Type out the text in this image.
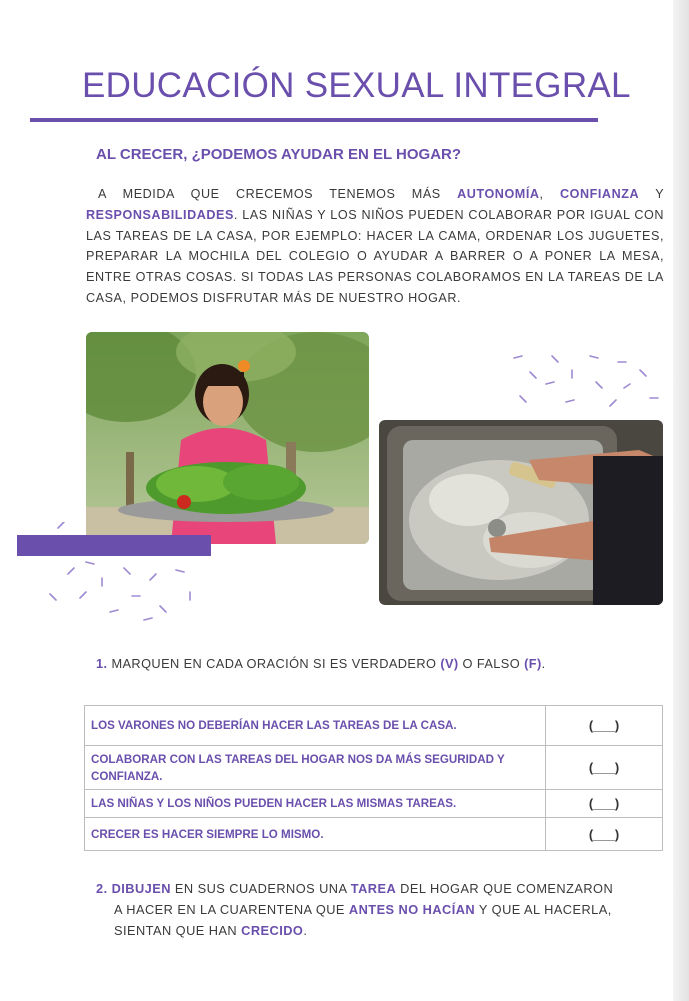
EDUCACIÓN SEXUAL INTEGRAL
AL CRECER, ¿PODEMOS AYUDAR EN EL HOGAR?

A MEDIDA QUE CRECEMOS TENEMOS MÁS AUTONOMÍA, CONFIANZA Y RESPONSABILIDADES. LAS NIÑAS Y LOS NIÑOS PUEDEN COLABORAR POR IGUAL CON LAS TAREAS DE LA CASA, POR EJEMPLO: HACER LA CAMA, ORDENAR LOS JUGUETES, PREPARAR LA MOCHILA DEL COLEGIO O AYUDAR A BARRER O A PONER LA MESA, ENTRE OTRAS COSAS. SI TODAS LAS PERSONAS COLABORAMOS EN LA TAREAS DE LA CASA, PODEMOS DISFRUTAR MÁS DE NUESTRO HOGAR.

1. MARQUEN EN CADA ORACIÓN SI ES VERDADERO (V) O FALSO (F).
LOS VARONES NO DEBERÍAN HACER LAS TAREAS DE LA CASA.	(___)
COLABORAR CON LAS TAREAS DEL HOGAR NOS DA MÁS SEGURIDAD Y CONFIANZA.	(___)
LAS NIÑAS Y LOS NIÑOS PUEDEN HACER LAS MISMAS TAREAS.	(___)
CRECER ES HACER SIEMPRE LO MISMO.	(___)

2. DIBUJEN EN SUS CUADERNOS UNA TAREA DEL HOGAR QUE COMENZARON
A HACER EN LA CUARENTENA QUE ANTES NO HACÍAN Y QUE AL HACERLA,
SIENTAN QUE HAN CRECIDO.
